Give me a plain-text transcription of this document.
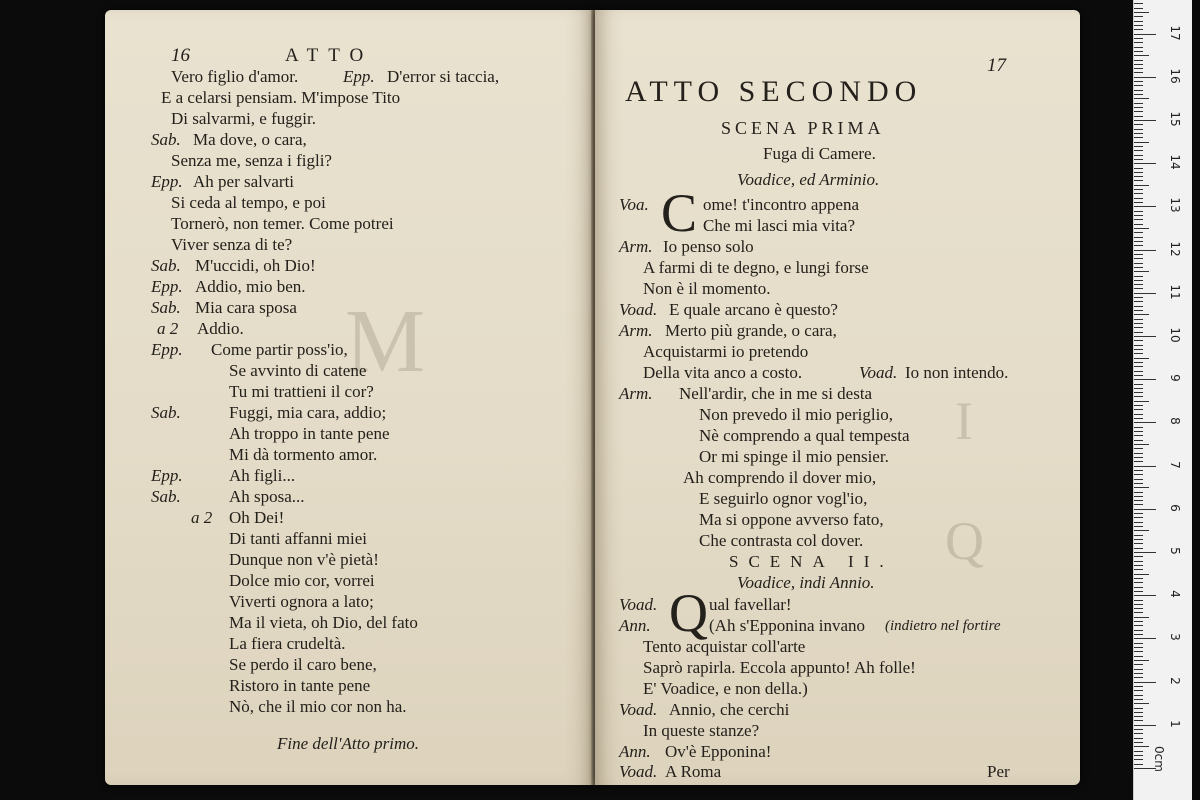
M
16	ATTO
Vero figlio d'amor.	Epp. D'error si taccia,
E a celarsi pensiam. M'impose Tito
Di salvarmi, e fuggir.
Sab. Ma dove, o cara,
Senza me, senza i figli?
Epp. Ah per salvarti
Si ceda al tempo, e poi
Tornerò, non temer. Come potrei
Viver senza di te?
Sab. M'uccidi, oh Dio!
Epp. Addio, mio ben.
Sab. Mia cara sposa
a 2 Addio.
Epp. Come partir poss'io,
Se avvinto di catene
Tu mi trattieni il cor?
Sab.	Fuggi, mia cara, addio;
Ah troppo in tante pene
Mi dà tormento amor.
Epp.	Ah figli...
Sab.	Ah sposa...
a 2 Oh Dei!
Di tanti affanni miei
Dunque non v'è pietà!
Dolce mio cor, vorrei
Viverti ognora a lato;
Ma il vieta, oh Dio, del fato
La fiera crudeltà.
Se perdo il caro bene,
Ristoro in tante pene
Nò, che il mio cor non ha.
Fine dell'Atto primo.
I
Q
17
ATTO SECONDO
SCENA PRIMA
Fuga di Camere.
Voadice, ed Arminio.
Voa. C ome! t'incontro appena
Che mi lasci mia vita?
Arm. Io penso solo
A farmi di te degno, e lungi forse
Non è il momento.
Voad. E quale arcano è questo?
Arm. Merto più grande, o cara,
Acquistarmi io pretendo
Della vita anco a costo.	Voad. Io non intendo.
Arm. Nell'ardir, che in me si desta
Non prevedo il mio periglio,
Nè comprendo a qual tempesta
Or mi spinge il mio pensier.
Ah comprendo il dover mio,
E seguirlo ognor vogl'io,
Ma si oppone avverso fato,
Che contrasta col dover.
SCENA II.
Voadice, indi Annio.
Voad. Q ual favellar!
Ann.	(Ah s'Epponina invano (indietro nel fortire
Tento acquistar coll'arte
Saprò rapirla. Eccola appunto! Ah folle!
E' Voadice, e non della.)
Voad. Annio, che cerchi
In queste stanze?
Ann. Ov'è Epponina!
Voad. A Roma	Per
1
2
3
4
5
6
7
8
9
10
11
12
13
14
15
16
17
0cm
